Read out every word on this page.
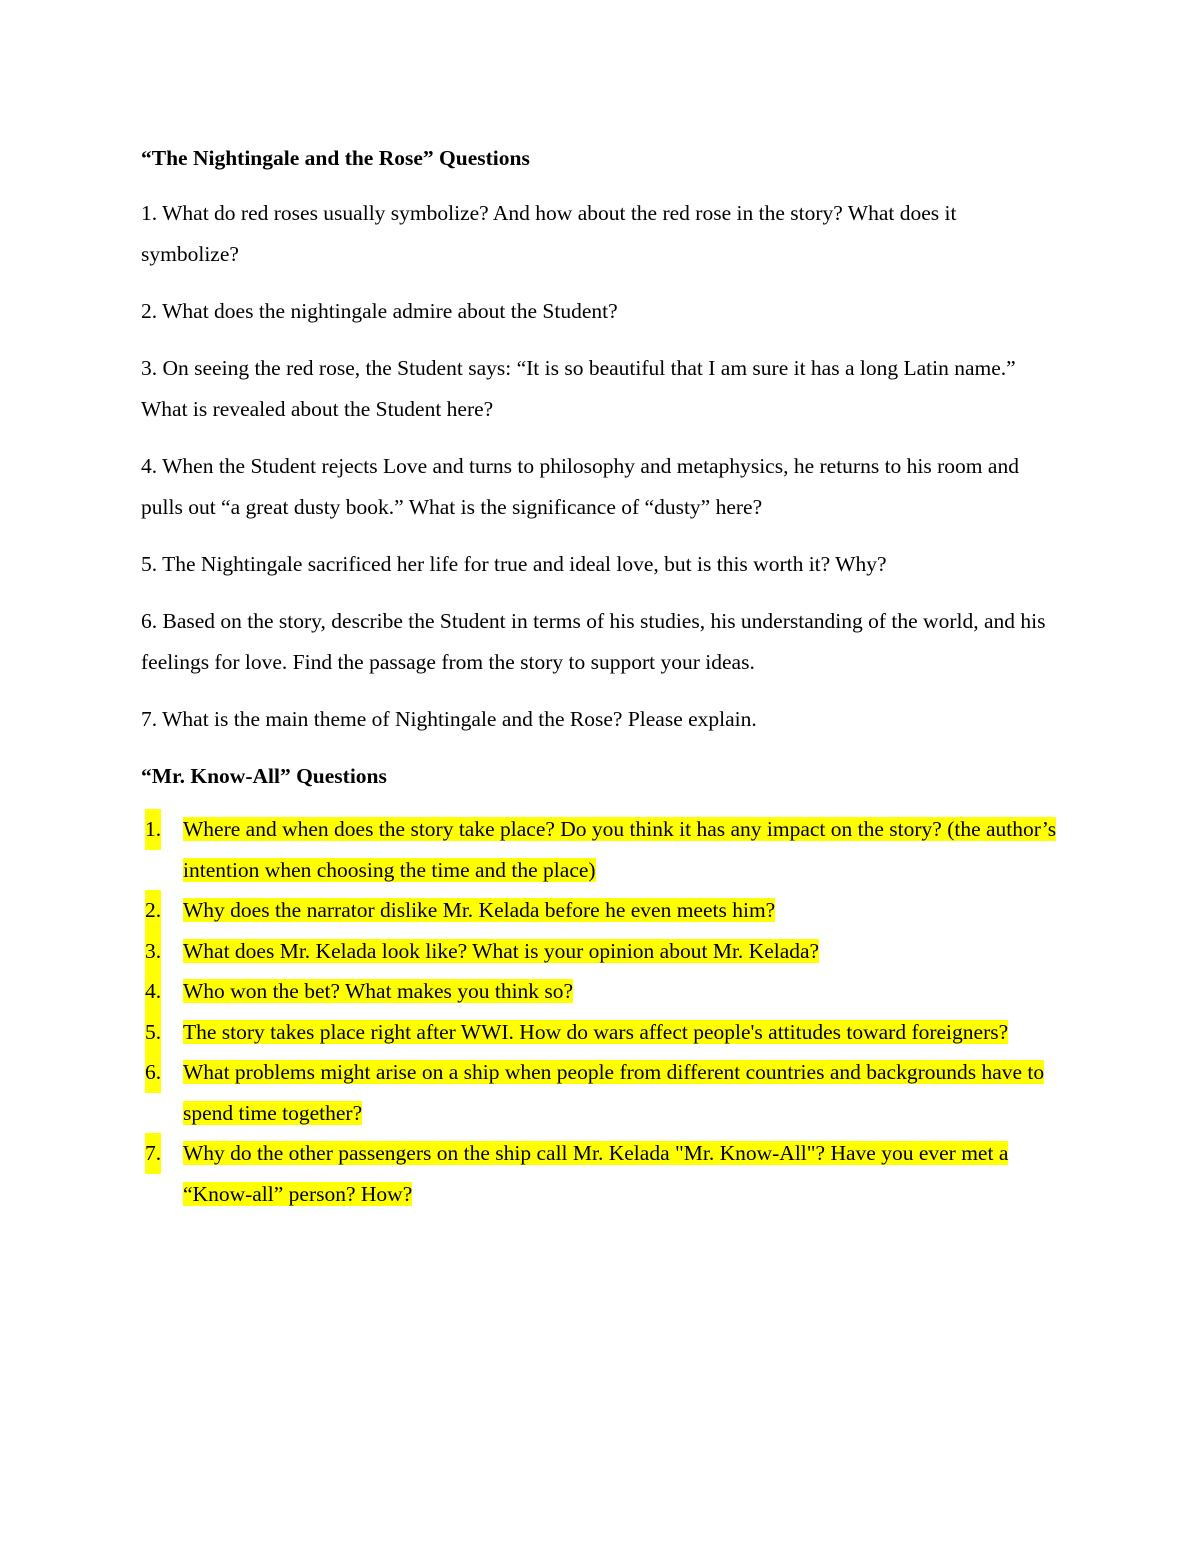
“The Nightingale and the Rose” Questions

1. What do red roses usually symbolize? And how about the red rose in the story? What does it symbolize?

2. What does the nightingale admire about the Student?

3. On seeing the red rose, the Student says: “It is so beautiful that I am sure it has a long Latin name.” What is revealed about the Student here?

4. When the Student rejects Love and turns to philosophy and metaphysics, he returns to his room and pulls out “a great dusty book.” What is the significance of “dusty” here?

5. The Nightingale sacrificed her life for true and ideal love, but is this worth it? Why?

6. Based on the story, describe the Student in terms of his studies, his understanding of the world, and his feelings for love. Find the passage from the story to support your ideas.

7. What is the main theme of Nightingale and the Rose? Please explain.

“Mr. Know-All” Questions

1. Where and when does the story take place? Do you think it has any impact on the story? (the author’s intention when choosing the time and the place)
2. Why does the narrator dislike Mr. Kelada before he even meets him?
3. What does Mr. Kelada look like? What is your opinion about Mr. Kelada?
4. Who won the bet? What makes you think so?
5. The story takes place right after WWI. How do wars affect people's attitudes toward foreigners?
6. What problems might arise on a ship when people from different countries and backgrounds have to spend time together?
7. Why do the other passengers on the ship call Mr. Kelada "Mr. Know-All"? Have you ever met a “Know-all” person? How?
